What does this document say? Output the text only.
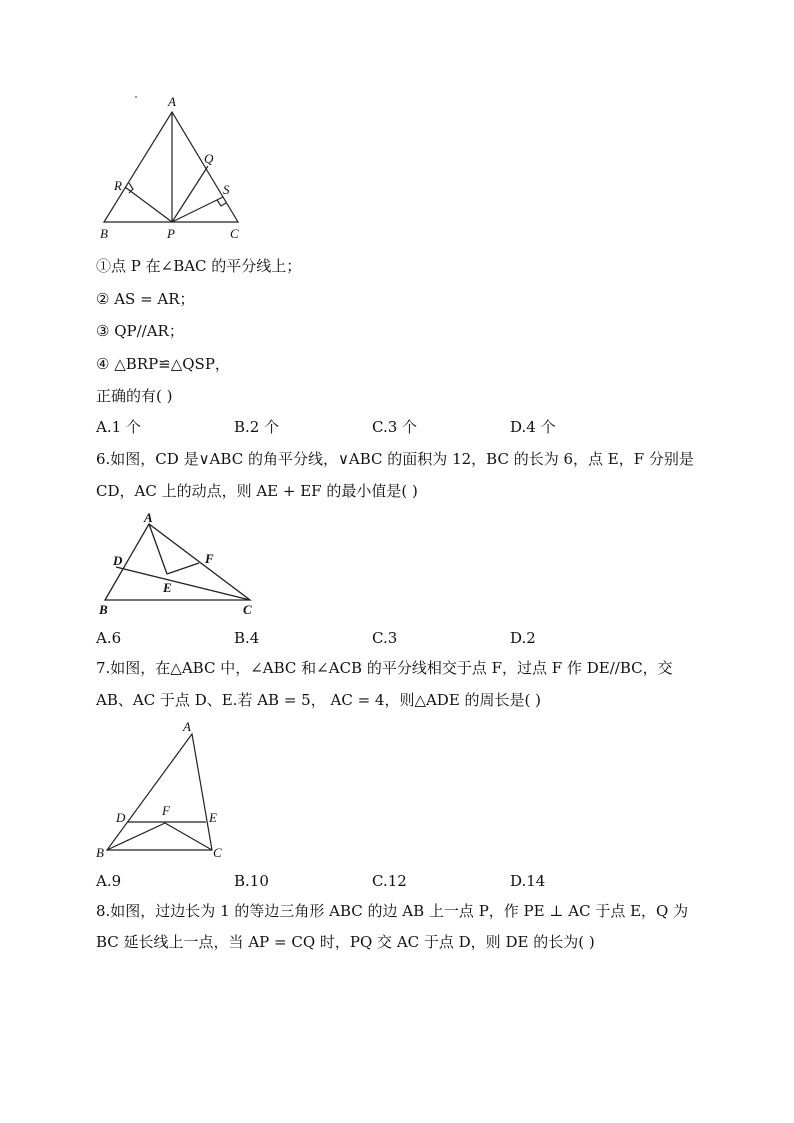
A
B	C
P
Q
R	S
①点 P 在∠BAC 的平分线上；
② AS = AR；
③ QP//AR；
④ △BRP≌△QSP，
正确的有( )
A.1 个	B.2 个	C.3 个	D.4 个
6.如图，CD 是∨ABC 的角平分线，∨ABC 的面积为 12，BC 的长为 6，点 E，F 分别是
CD，AC 上的动点，则 AE + EF 的最小值是( )
A
B	C
D
E
F
A.6	B.4	C.3	D.2
7.如图，在△ABC 中，∠ABC 和∠ACB 的平分线相交于点 F，过点 F 作 DE//BC，交
AB、AC 于点 D、E.若 AB = 5， AC = 4，则△ADE 的周长是( )
A
B	C
D	E
F
A.9	B.10	C.12	D.14
8.如图，过边长为 1 的等边三角形 ABC 的边 AB 上一点 P，作 PE ⊥ AC 于点 E，Q 为
BC 延长线上一点，当 AP = CQ 时，PQ 交 AC 于点 D，则 DE 的长为( )
